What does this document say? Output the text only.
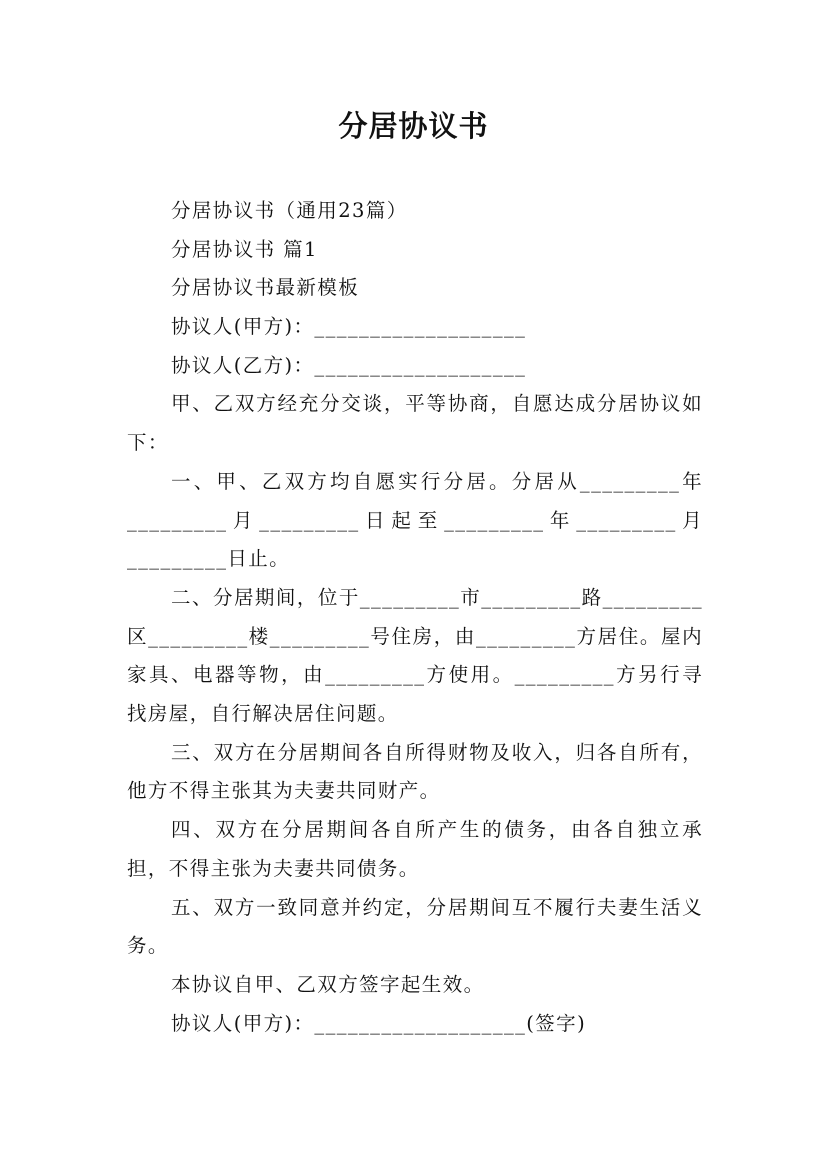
分居协议书
分居协议书（通用23篇）
分居协议书 篇1
分居协议书最新模板
协议人(甲方)：___________________
协议人(乙方)：___________________
甲、乙双方经充分交谈，平等协商，自愿达成分居协议如下：
一、甲、乙双方均自愿实行分居。分居从_________年_________月_________日起至_________年_________月_________日止。
二、分居期间，位于_________市_________路_________区_________楼_________号住房，由_________方居住。屋内家具、电器等物，由_________方使用。_________方另行寻找房屋，自行解决居住问题。
三、双方在分居期间各自所得财物及收入，归各自所有，他方不得主张其为夫妻共同财产。
四、双方在分居期间各自所产生的债务，由各自独立承担，不得主张为夫妻共同债务。
五、双方一致同意并约定，分居期间互不履行夫妻生活义务。
本协议自甲、乙双方签字起生效。
协议人(甲方)：___________________(签字)
